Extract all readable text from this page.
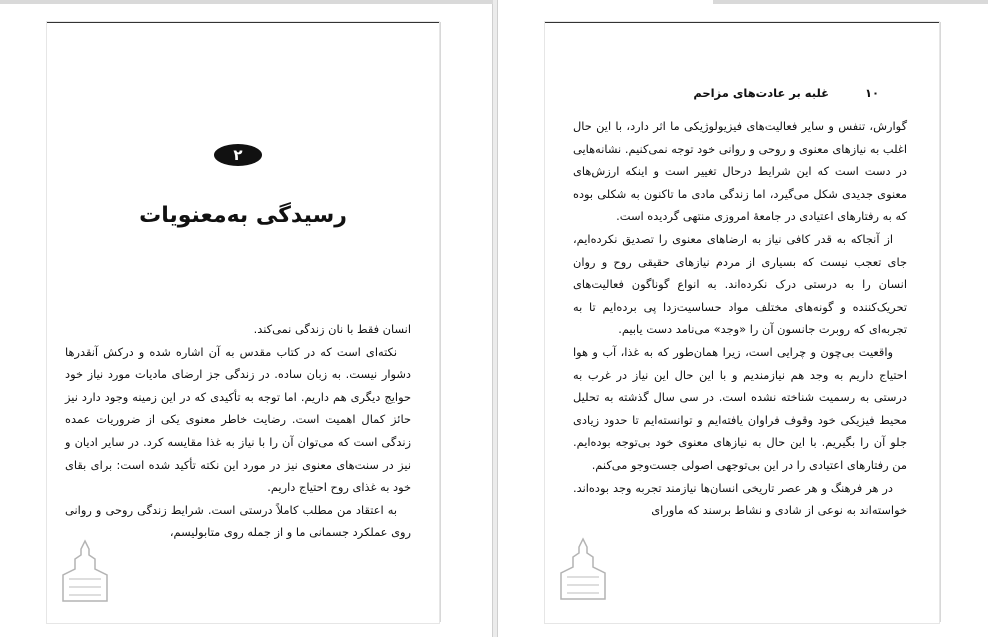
۲
رسیدگی به‌معنویات

انسان فقط با نان زندگی نمی‌کند.

نکته‌ای است که در کتاب مقدس به آن اشاره شده و درکش آنقدرها دشوار نیست. به زبان ساده. در زندگی جز ارضای مادیات مورد نیاز خود حوایج دیگری هم داریم. اما توجه به تأکیدی که در این زمینه وجود دارد نیز حائز کمال اهمیت است. رضایت خاطر معنوی یکی از ضروریات عمده زندگی است که می‌توان آن را با نیاز به غذا مقایسه کرد. در سایر ادیان و نیز در سنت‌های معنوی نیز در مورد این نکته تأکید شده است: برای بقای خود به غذای روح احتیاج داریم.

به اعتقاد من مطلب کاملاً درستی است. شرایط زندگی روحی و روانی روی عملکرد جسمانی ما و از جمله روی متابولیسم،

۱۰
غلبه بر عادت‌های مزاحم

گوارش، تنفس و سایر فعالیت‌های فیزیولوژیکی ما اثر دارد، با این حال اغلب به نیازهای معنوی و روحی و روانی خود توجه نمی‌کنیم. نشانه‌هایی در دست است که این شرایط درحال تغییر است و اینکه ارزش‌های معنوی جدیدی شکل می‌گیرد، اما زندگی مادی ما تاکنون به شکلی بوده که به رفتارهای اعتیادی در جامعهٔ امروزی منتهی گردیده است.

از آنجاکه به قدر کافی نیاز به ارضاهای معنوی را تصدیق نکرده‌ایم، جای تعجب نیست که بسیاری از مردم نیازهای حقیقی روح و روان انسان را به درستی درک نکرده‌اند. به انواع گوناگون فعالیت‌های تحریک‌کننده و گونه‌های مختلف مواد حساسیت‌زدا پی برده‌ایم تا به تجربه‌ای که روبرت جانسون آن را «وجد» می‌نامد دست یابیم.

واقعیت بی‌چون و چرایی است، زیرا همان‌طور که به غذا، آب و هوا احتیاج داریم به وجد هم نیازمندیم و با این حال این نیاز در غرب به درستی به رسمیت شناخته نشده است. در سی سال گذشته به تحلیل محیط فیزیکی خود وقوف فراوان یافته‌ایم و توانسته‌ایم تا حدود زیادی جلو آن را بگیریم. با این حال به نیازهای معنوی خود بی‌توجه بوده‌ایم. من رفتارهای اعتیادی را در این بی‌توجهی اصولی جست‌وجو می‌کنم.

در هر فرهنگ و هر عصر تاریخی انسان‌ها نیازمند تجربه وجد بوده‌اند. خواسته‌اند به نوعی از شادی و نشاط برسند که ماورای
